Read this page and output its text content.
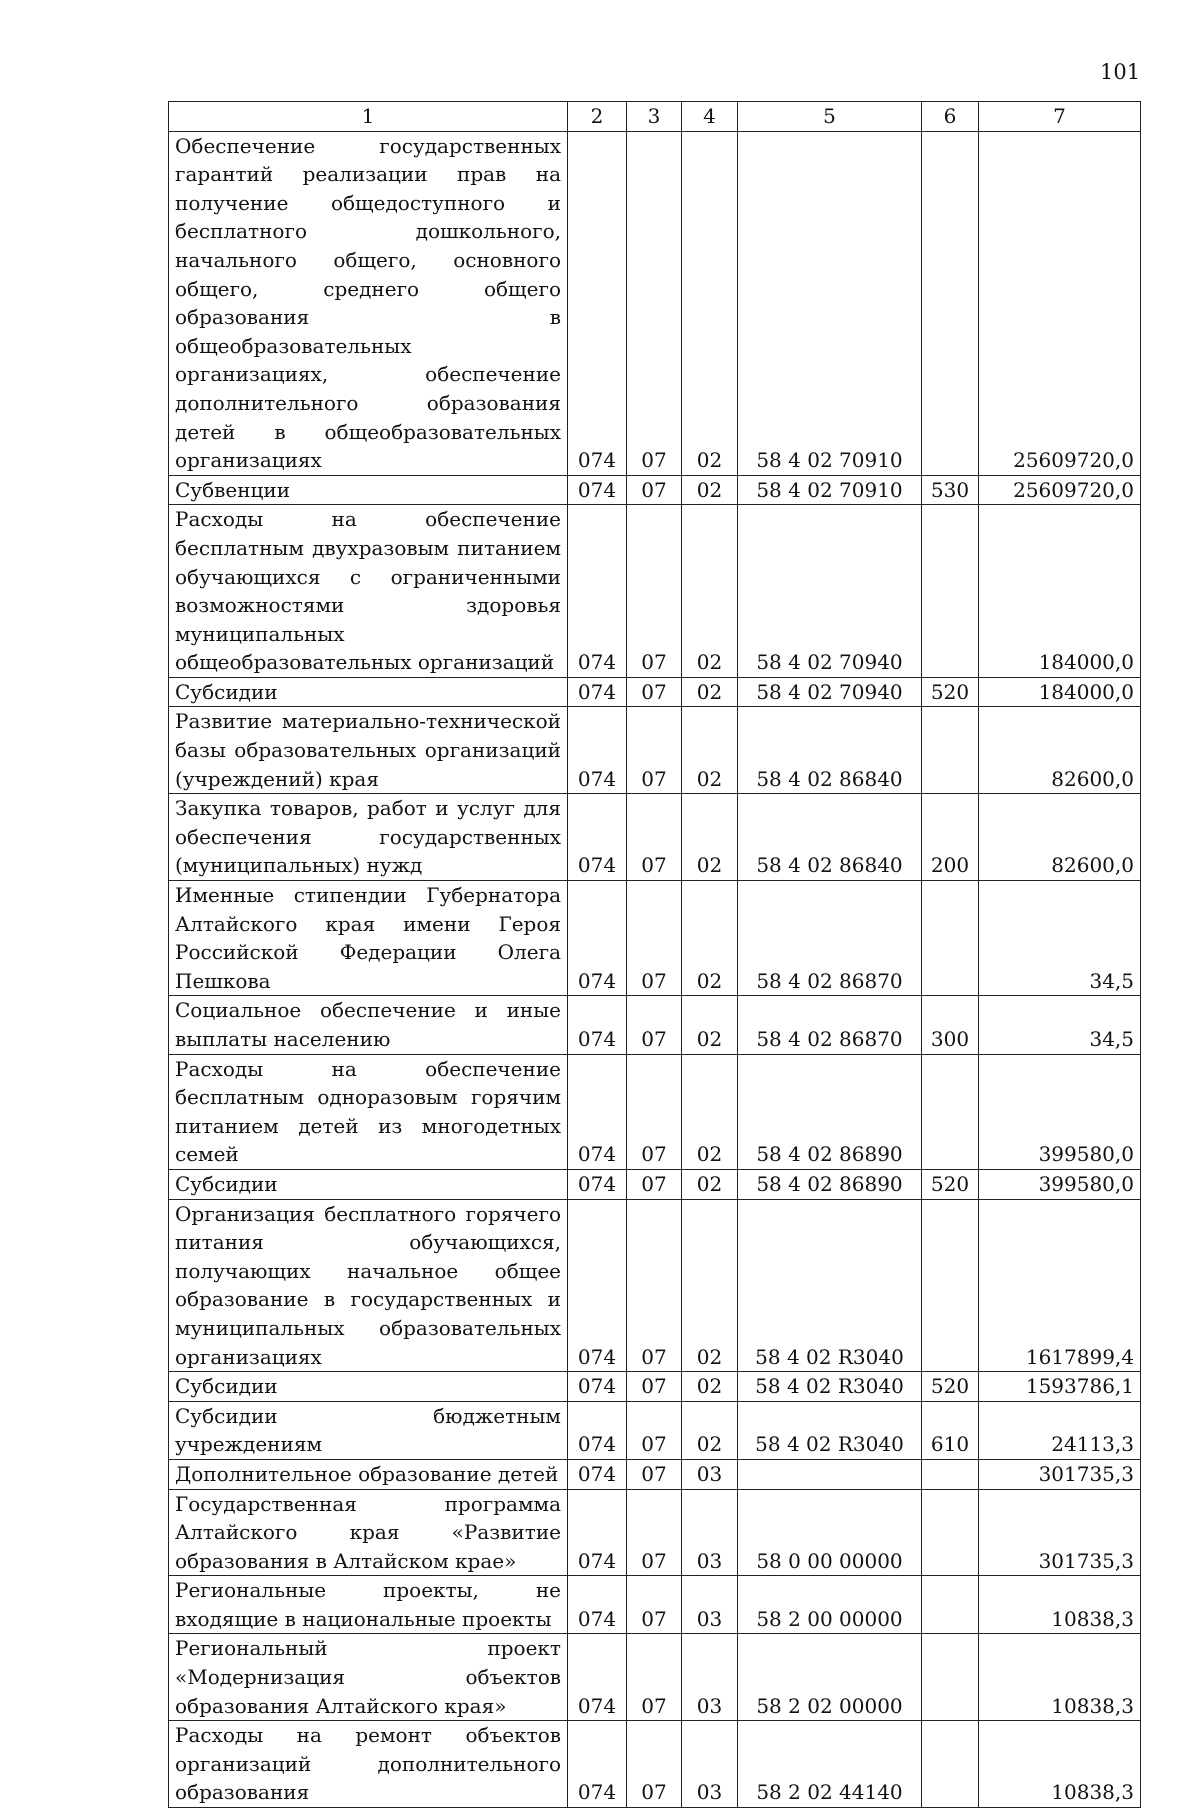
101
1	2	3	4	5	6	7
Обеспечение государственных гарантий реализации прав на получение общедоступного и бесплатного дошкольного, начального общего, основного общего, среднего общего образования в общеобразовательных организациях, обеспечение дополнительного образования детей в общеобразовательных организациях	074	07	02	58 4 02 70910		25609720,0
Субвенции	074	07	02	58 4 02 70910	530	25609720,0
Расходы на обеспечение бесплатным двухразовым питанием обучающихся с ограниченными возможностями здоровья муниципальных общеобразовательных организаций	074	07	02	58 4 02 70940		184000,0
Субсидии	074	07	02	58 4 02 70940	520	184000,0
Развитие материально-технической базы образовательных организаций (учреждений) края	074	07	02	58 4 02 86840		82600,0
Закупка товаров, работ и услуг для обеспечения государственных (муниципальных) нужд	074	07	02	58 4 02 86840	200	82600,0
Именные стипендии Губернатора Алтайского края имени Героя Российской Федерации Олега Пешкова	074	07	02	58 4 02 86870		34,5
Социальное обеспечение и иные выплаты населению	074	07	02	58 4 02 86870	300	34,5
Расходы на обеспечение бесплатным одноразовым горячим питанием детей из многодетных семей	074	07	02	58 4 02 86890		399580,0
Субсидии	074	07	02	58 4 02 86890	520	399580,0
Организация бесплатного горячего питания обучающихся, получающих начальное общее образование в государственных и муниципальных образовательных организациях	074	07	02	58 4 02 R3040		1617899,4
Субсидии	074	07	02	58 4 02 R3040	520	1593786,1
Субсидии бюджетным учреждениям	074	07	02	58 4 02 R3040	610	24113,3
Дополнительное образование детей	074	07	03			301735,3
Государственная программа Алтайского края «Развитие образования в Алтайском крае»	074	07	03	58 0 00 00000		301735,3
Региональные проекты, не входящие в национальные проекты	074	07	03	58 2 00 00000		10838,3
Региональный проект «Модернизация объектов образования Алтайского края»	074	07	03	58 2 02 00000		10838,3
Расходы на ремонт объектов организаций дополнительного образования	074	07	03	58 2 02 44140		10838,3
